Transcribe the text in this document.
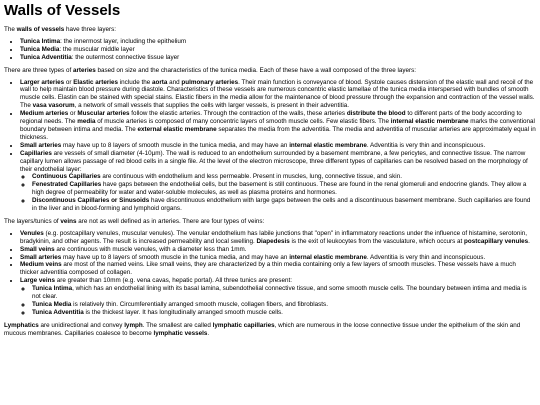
Walls of Vessels

The walls of vessels have three layers:

• Tunica Intima: the innermost layer, including the epithelium
• Tunica Media: the muscular middle layer
• Tunica Adventitia: the outermost connective tissue layer

There are three types of arteries based on size and the characteristics of the tunica media. Each of these have a wall composed of the three layers:

• Larger arteries or Elastic arteries include the aorta and pulmonary arteries. Their main function is conveyance of blood. Systole causes distension of the elastic wall and recoil of the wall to help maintain blood pressure during diastole. Characteristics of these vessels are numerous concentric elastic lamellae of the tunica media interspersed with bundles of smooth muscle cells. Elastin can be stained with special stains. Elastic fibers in the media allow for the maintenance of blood pressure through the expansion and contraction of the vessel walls. The vasa vasorum, a network of small vessels that supplies the cells with larger vessels, is present in their adventitia.
• Medium arteries or Muscular arteries follow the elastic arteries. Through the contraction of the walls, these arteries distribute the blood to different parts of the body according to regional needs. The media of muscle arteries is composed of many concentric layers of smooth muscle cells. Few elastic fibers. The internal elastic membrane marks the conventional boundary between intima and media. The external elastic membrane separates the media from the adventitia. The media and adventitia of muscular arteries are approximately equal in thickness.
• Small arteries may have up to 8 layers of smooth muscle in the tunica media, and may have an internal elastic membrane. Adventitia is very thin and inconspicuous.
• Capillaries are vessels of small diameter (4-10μm). The wall is reduced to an endothelium surrounded by a basement membrane, a few pericytes, and connective tissue. The narrow capillary lumen allows passage of red blood cells in a single file. At the level of the electron microscope, three different types of capillaries can be resolved based on the morphology of their endothelial layer:
◦ Continuous Capillaries are continuous with endothelium and less permeable. Present in muscles, lung, connective tissue, and skin.
◦ Fenestrated Capillaries have gaps between the endothelial cells, but the basement is still continuous. These are found in the renal glomeruli and endocrine glands. They allow a high degree of permeability for water and water-soluble molecules, as well as plasma proteins and hormones.
◦ Discontinuous Capillaries or Sinusoids have discontinuous endothelium with large gaps between the cells and a discontinuous basement membrane. Such capillaries are found in the liver and in blood-forming and lymphoid organs.

The layers/tunics of veins are not as well defined as in arteries. There are four types of veins:

• Venules (e.g. postcapillary venules, muscular venules). The venular endothelium has labile junctions that "open" in inflammatory reactions under the influence of histamine, serotonin, bradykinin, and other agents. The result is increased permeability and local swelling. Diapedesis is the exit of leukocytes from the vasculature, which occurs at postcapillary venules.
• Small veins are continuous with muscle venules, with a diameter less than 1mm.
• Small arteries may have up to 8 layers of smooth muscle in the tunica media, and may have an internal elastic membrane. Adventitia is very thin and inconspicuous.
• Medium veins are most of the named veins. Like small veins, they are characterized by a thin media containing only a few layers of smooth muscles. These vessels have a much thicker adventitia composed of collagen.
• Large veins are greater than 10mm (e.g. vena cavas, hepatic portal). All three tunics are present:
◦ Tunica Intima, which has an endothelial lining with its basal lamina, subendothelial connective tissue, and some smooth muscle cells. The boundary between intima and media is not clear.
◦ Tunica Media is relatively thin. Circumferentially arranged smooth muscle, collagen fibers, and fibroblasts.
◦ Tunica Adventitia is the thickest layer. It has longitudinally arranged smooth muscle cells.

Lymphatics are unidirectional and convey lymph. The smallest are called lymphatic capillaries, which are numerous in the loose connective tissue under the epithelium of the skin and mucous membranes. Capillaries coalesce to become lymphatic vessels.
